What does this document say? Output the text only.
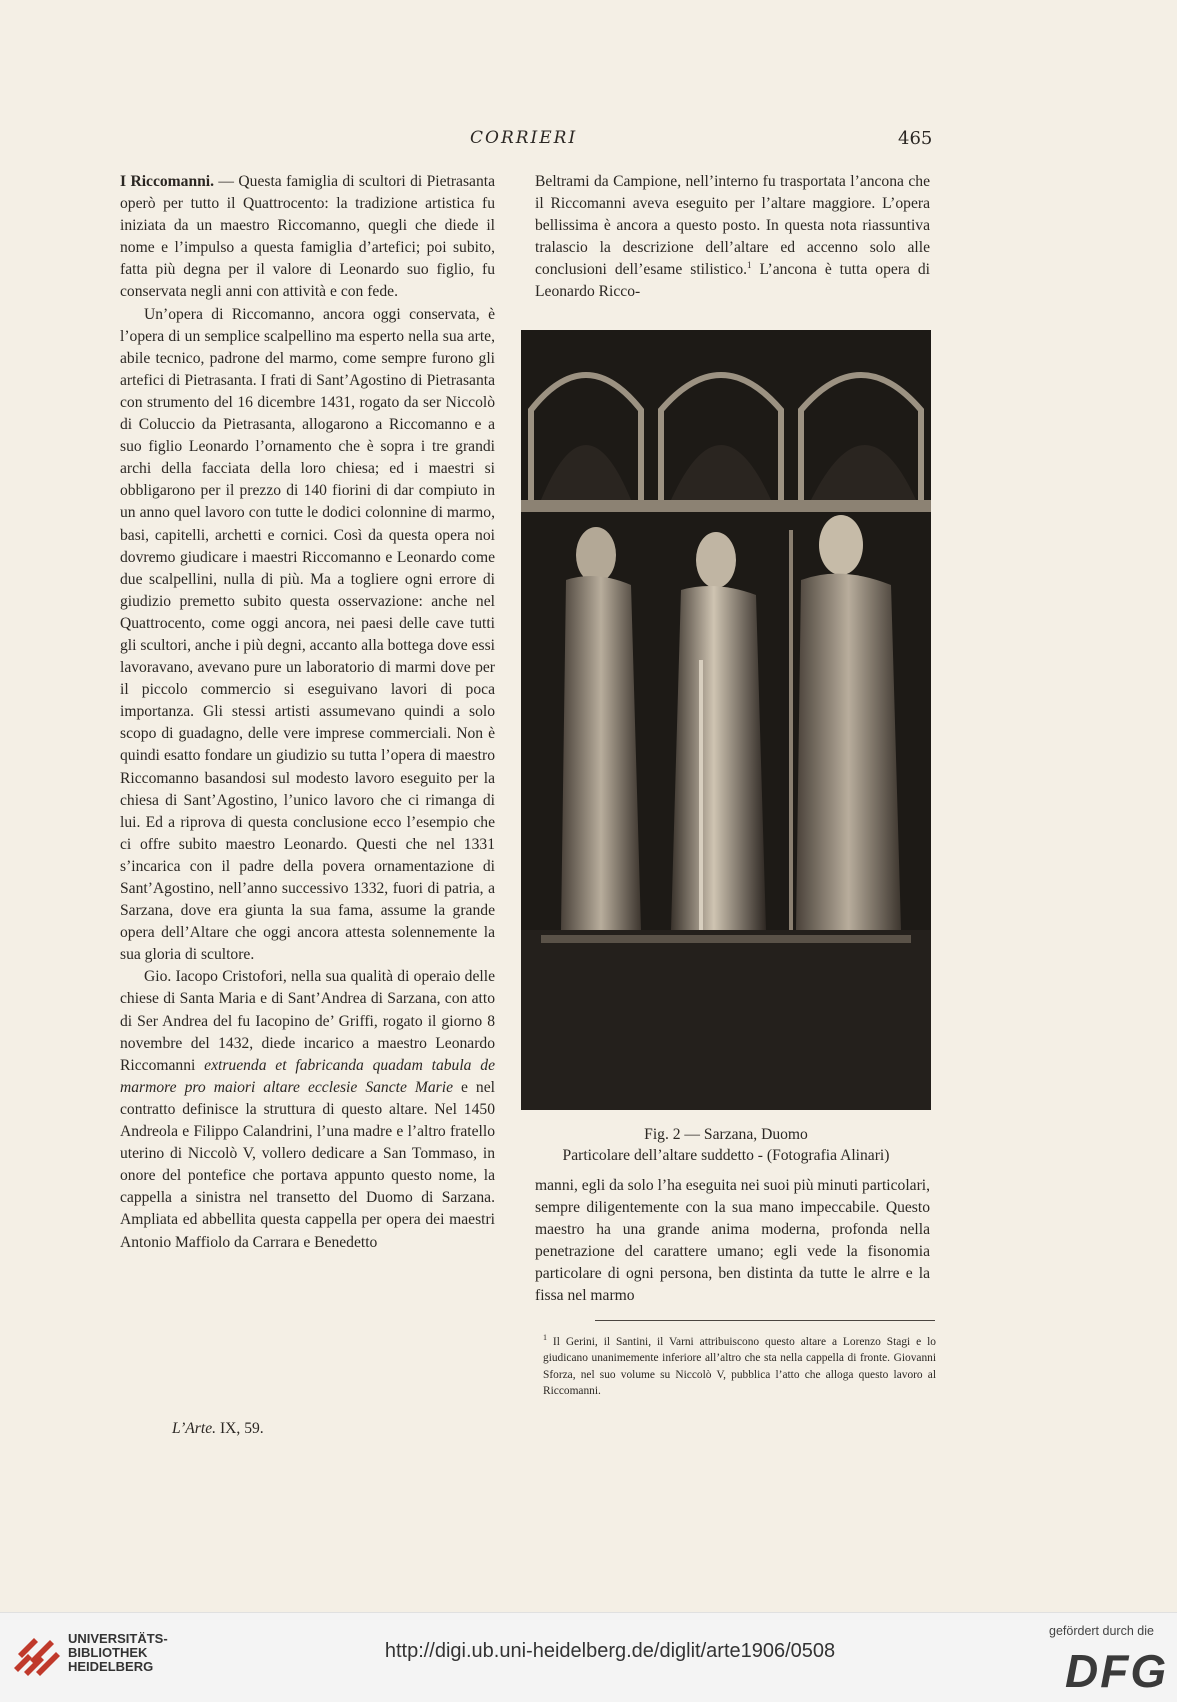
CORRIERI	465

I Riccomanni. — Questa famiglia di scultori di Pietrasanta operò per tutto il Quattrocento: la tradizione artistica fu iniziata da un maestro Riccomanno, quegli che diede il nome e l’impulso a questa famiglia d’artefici; poi subito, fatta più degna per il valore di Leonardo suo figlio, fu conservata negli anni con attività e con fede.

Un’opera di Riccomanno, ancora oggi conservata, è l’opera di un semplice scalpellino ma esperto nella sua arte, abile tecnico, padrone del marmo, come sempre furono gli artefici di Pietrasanta. I frati di Sant’Agostino di Pietrasanta con strumento del 16 dicembre 1431, rogato da ser Niccolò di Coluccio da Pietrasanta, allogarono a Riccomanno e a suo figlio Leonardo l’ornamento che è sopra i tre grandi archi della facciata della loro chiesa; ed i maestri si obbligarono per il prezzo di 140 fiorini di dar compiuto in un anno quel lavoro con tutte le dodici colonnine di marmo, basi, capitelli, archetti e cornici. Così da questa opera noi dovremo giudicare i maestri Riccomanno e Leonardo come due scalpellini, nulla di più. Ma a togliere ogni errore di giudizio premetto subito questa osservazione: anche nel Quattrocento, come oggi ancora, nei paesi delle cave tutti gli scultori, anche i più degni, accanto alla bottega dove essi lavoravano, avevano pure un laboratorio di marmi dove per il piccolo commercio si eseguivano lavori di poca importanza. Gli stessi artisti assumevano quindi a solo scopo di guadagno, delle vere imprese commerciali. Non è quindi esatto fondare un giudizio su tutta l’opera di maestro Riccomanno basandosi sul modesto lavoro eseguito per la chiesa di Sant’Agostino, l’unico lavoro che ci rimanga di lui. Ed a riprova di questa conclusione ecco l’esempio che ci offre subito maestro Leonardo. Questi che nel 1331 s’incarica con il padre della povera ornamentazione di Sant’Agostino, nell’anno successivo 1332, fuori di patria, a Sarzana, dove era giunta la sua fama, assume la grande opera dell’Altare che oggi ancora attesta solennemente la sua gloria di scultore.

Gio. Iacopo Cristofori, nella sua qualità di operaio delle chiese di Santa Maria e di Sant’Andrea di Sarzana, con atto di Ser Andrea del fu Iacopino de’ Griffi, rogato il giorno 8 novembre del 1432, diede incarico a maestro Leonardo Riccomanni extruenda et fabricanda quadam tabula de marmore pro maiori altare ecclesie Sancte Marie e nel contratto definisce la struttura di questo altare. Nel 1450 Andreola e Filippo Calandrini, l’una madre e l’altro fratello uterino di Niccolò V, vollero dedicare a San Tommaso, in onore del pontefice che portava appunto questo nome, la cappella a sinistra nel transetto del Duomo di Sarzana. Ampliata ed abbellita questa cappella per opera dei maestri Antonio Maffiolo da Carrara e Benedetto

Beltrami da Campione, nell’interno fu trasportata l’ancona che il Riccomanni aveva eseguito per l’altare maggiore. L’opera bellissima è ancora a questo posto. In questa nota riassuntiva tralascio la descrizione dell’altare ed accenno solo alle conclusioni dell’esame stilistico.$^1$ L’ancona è tutta opera di Leonardo Ricco-

Fig. 2 — Sarzana, Duomo
Particolare dell’altare suddetto - (Fotografia Alinari)

manni, egli da solo l’ha eseguita nei suoi più minuti particolari, sempre diligentemente con la sua mano impeccabile. Questo maestro ha una grande anima moderna, profonda nella penetrazione del carattere umano; egli vede la fisonomia particolare di ogni persona, ben distinta da tutte le alrre e la fissa nel marmo

$^1$ Il Gerini, il Santini, il Varni attribuiscono questo altare a Lorenzo Stagi e lo giudicano unanimemente inferiore all’altro che sta nella cappella di fronte. Giovanni Sforza, nel suo volume su Niccolò V, pubblica l’atto che alloga questo lavoro al Riccomanni.
L’Arte. IX, 59.
UNIVERSITÄTS-
BIBLIOTHEK
HEIDELBERG
http://digi.ub.uni-heidelberg.de/diglit/arte1906/0508
gefördert durch die
DFG
